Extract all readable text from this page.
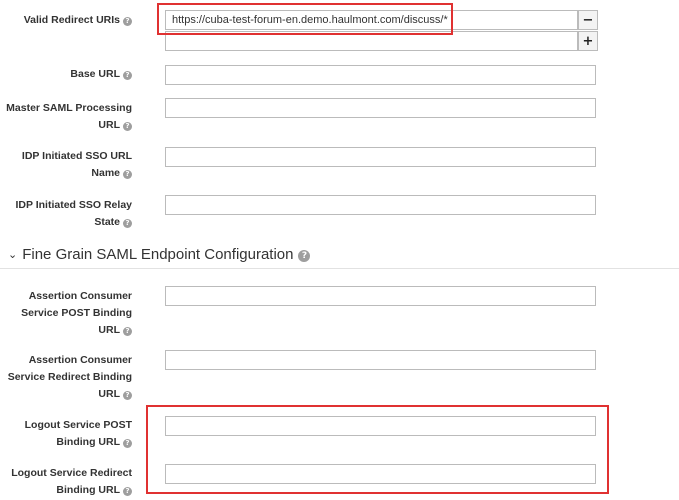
Valid Redirect URIs ?
https://cuba-test-forum-en.demo.haulmont.com/discuss/*	−
+
Base URL ?
Master SAML Processing
URL ?
IDP Initiated SSO URL
Name ?
IDP Initiated SSO Relay
State ?
⌄ Fine Grain SAML Endpoint Configuration ?
Assertion Consumer
Service POST Binding
URL ?
Assertion Consumer
Service Redirect Binding
URL ?
Logout Service POST
Binding URL ?
Logout Service Redirect
Binding URL ?
